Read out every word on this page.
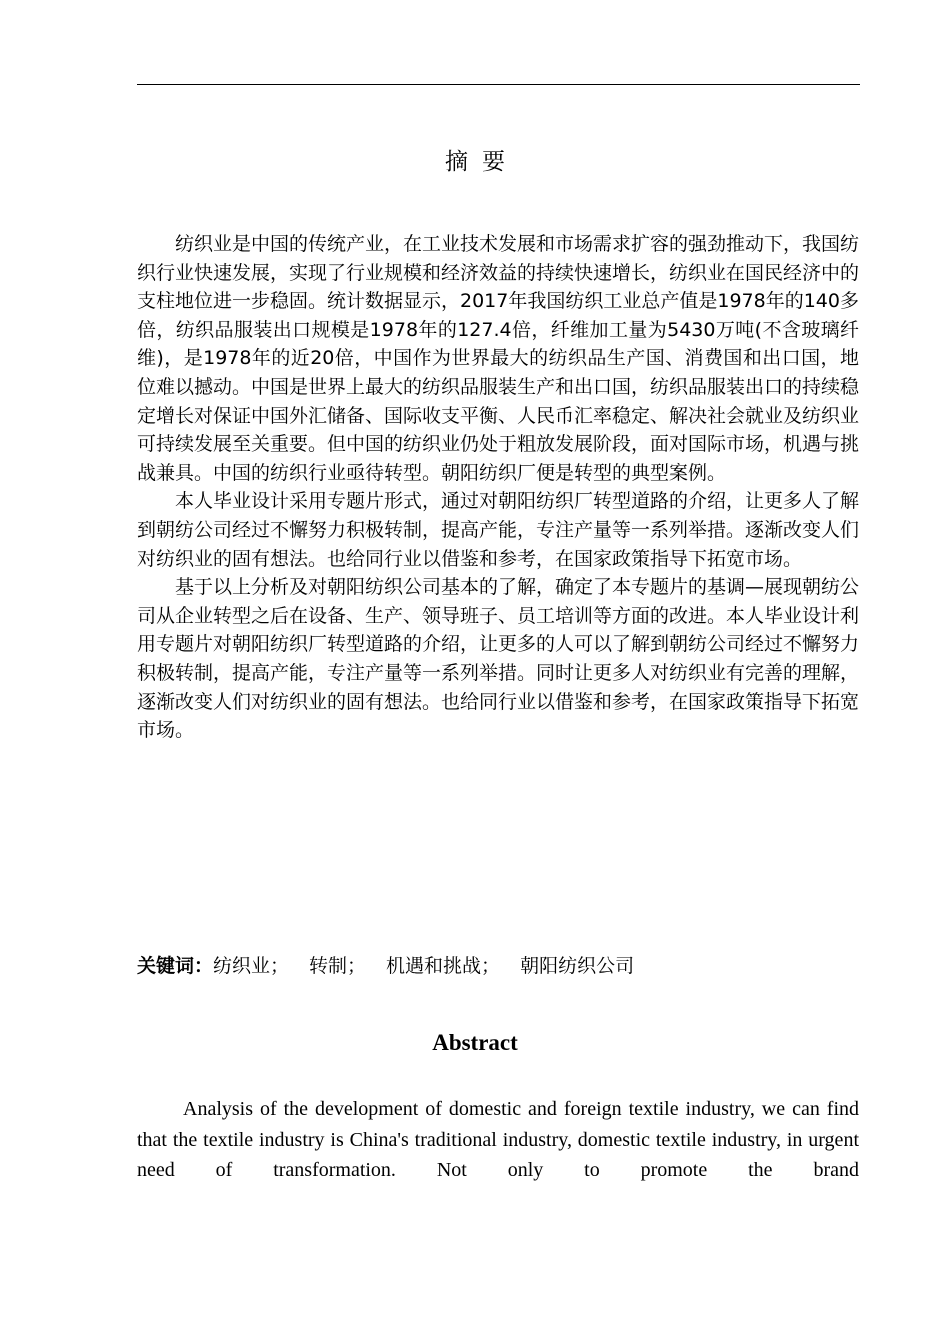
摘要

纺织业是中国的传统产业，在工业技术发展和市场需求扩容的强劲推动下，我国纺织行业快速发展，实现了行业规模和经济效益的持续快速增长，纺织业在国民经济中的支柱地位进一步稳固。统计数据显示，2017年我国纺织工业总产值是1978年的140多倍，纺织品服装出口规模是1978年的127.4倍，纤维加工量为5430万吨(不含玻璃纤维)，是1978年的近20倍，中国作为世界最大的纺织品生产国、消费国和出口国，地位难以撼动。中国是世界上最大的纺织品服装生产和出口国，纺织品服装出口的持续稳定增长对保证中国外汇储备、国际收支平衡、人民币汇率稳定、解决社会就业及纺织业可持续发展至关重要。但中国的纺织业仍处于粗放发展阶段，面对国际市场，机遇与挑战兼具。中国的纺织行业亟待转型。朝阳纺织厂便是转型的典型案例。

本人毕业设计采用专题片形式，通过对朝阳纺织厂转型道路的介绍，让更多人了解到朝纺公司经过不懈努力积极转制，提高产能，专注产量等一系列举措。逐渐改变人们对纺织业的固有想法。也给同行业以借鉴和参考，在国家政策指导下拓宽市场。

基于以上分析及对朝阳纺织公司基本的了解，确定了本专题片的基调—展现朝纺公司从企业转型之后在设备、生产、领导班子、员工培训等方面的改进。本人毕业设计利用专题片对朝阳纺织厂转型道路的介绍，让更多的人可以了解到朝纺公司经过不懈努力积极转制，提高产能，专注产量等一系列举措。同时让更多人对纺织业有完善的理解，逐渐改变人们对纺织业的固有想法。也给同行业以借鉴和参考，在国家政策指导下拓宽市场。

关键词：纺织业； 转制； 机遇和挑战； 朝阳纺织公司
Abstract

Analysis of the development of domestic and foreign textile industry, we can find that the textile industry is China's traditional industry, domestic textile industry, in urgent need of transformation. Not only to promote the brand
